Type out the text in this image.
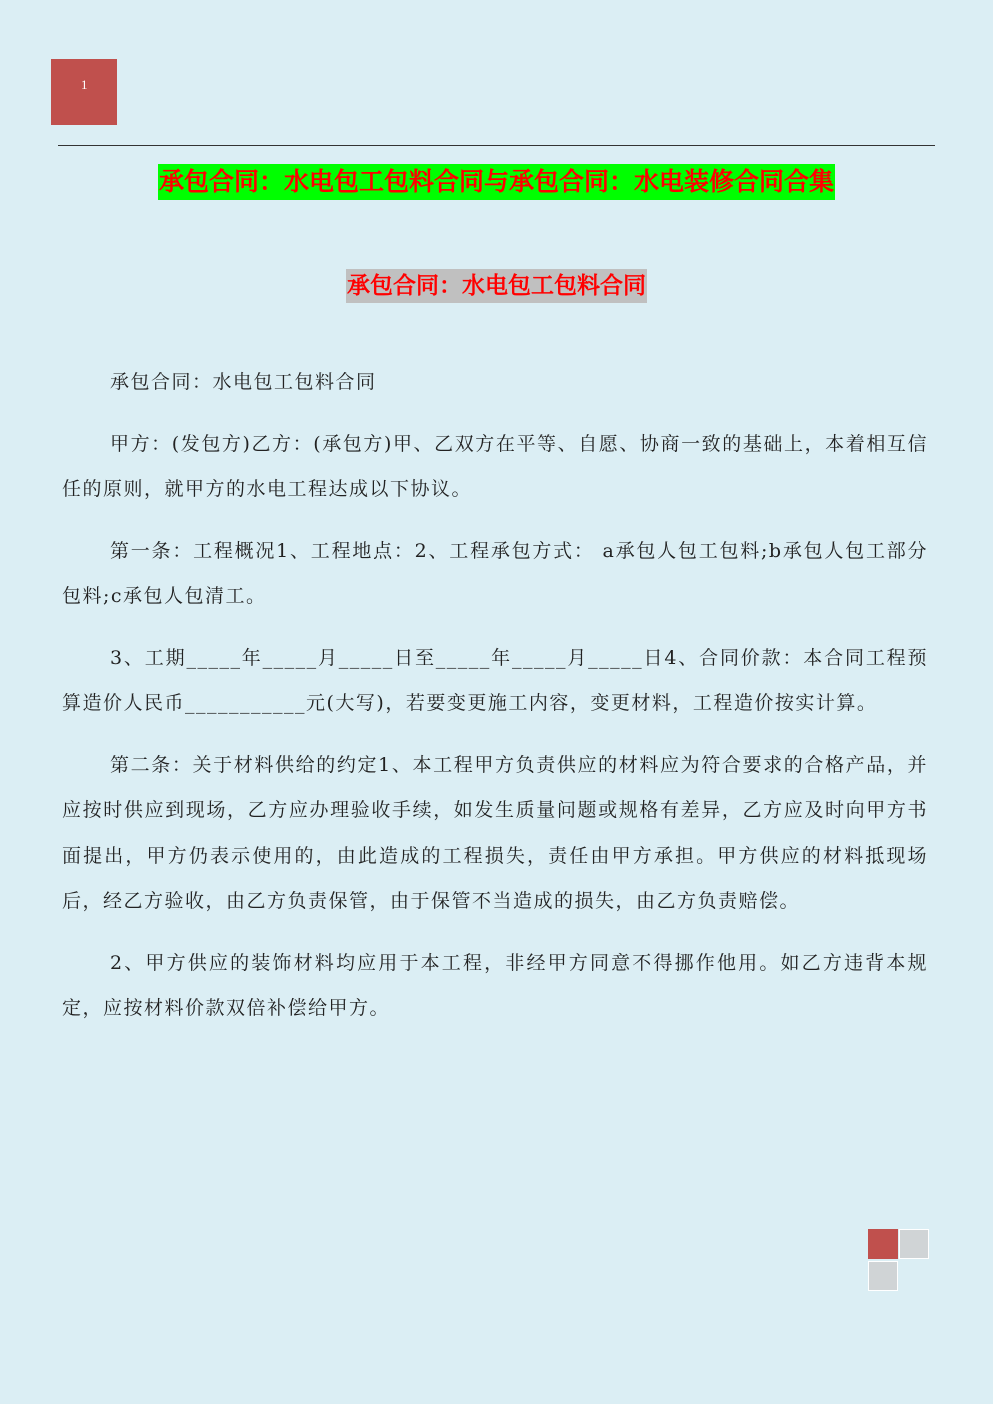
1
承包合同：水电包工包料合同与承包合同：水电装修合同合集
承包合同：水电包工包料合同

承包合同：水电包工包料合同

甲方：(发包方)乙方：(承包方)甲、乙双方在平等、自愿、协商一致的基础上，本着相互信任的原则，就甲方的水电工程达成以下协议。

第一条：工程概况1、工程地点：2、工程承包方式： a承包人包工包料;b承包人包工部分包料;c承包人包清工。

3、工期_____年_____月_____日至_____年_____月_____日4、合同价款：本合同工程预算造价人民币___________元(大写)，若要变更施工内容，变更材料，工程造价按实计算。

第二条：关于材料供给的约定1、本工程甲方负责供应的材料应为符合要求的合格产品，并应按时供应到现场，乙方应办理验收手续，如发生质量问题或规格有差异，乙方应及时向甲方书面提出，甲方仍表示使用的，由此造成的工程损失，责任由甲方承担。甲方供应的材料抵现场后，经乙方验收，由乙方负责保管，由于保管不当造成的损失，由乙方负责赔偿。

2、甲方供应的装饰材料均应用于本工程，非经甲方同意不得挪作他用。如乙方违背本规定，应按材料价款双倍补偿给甲方。
